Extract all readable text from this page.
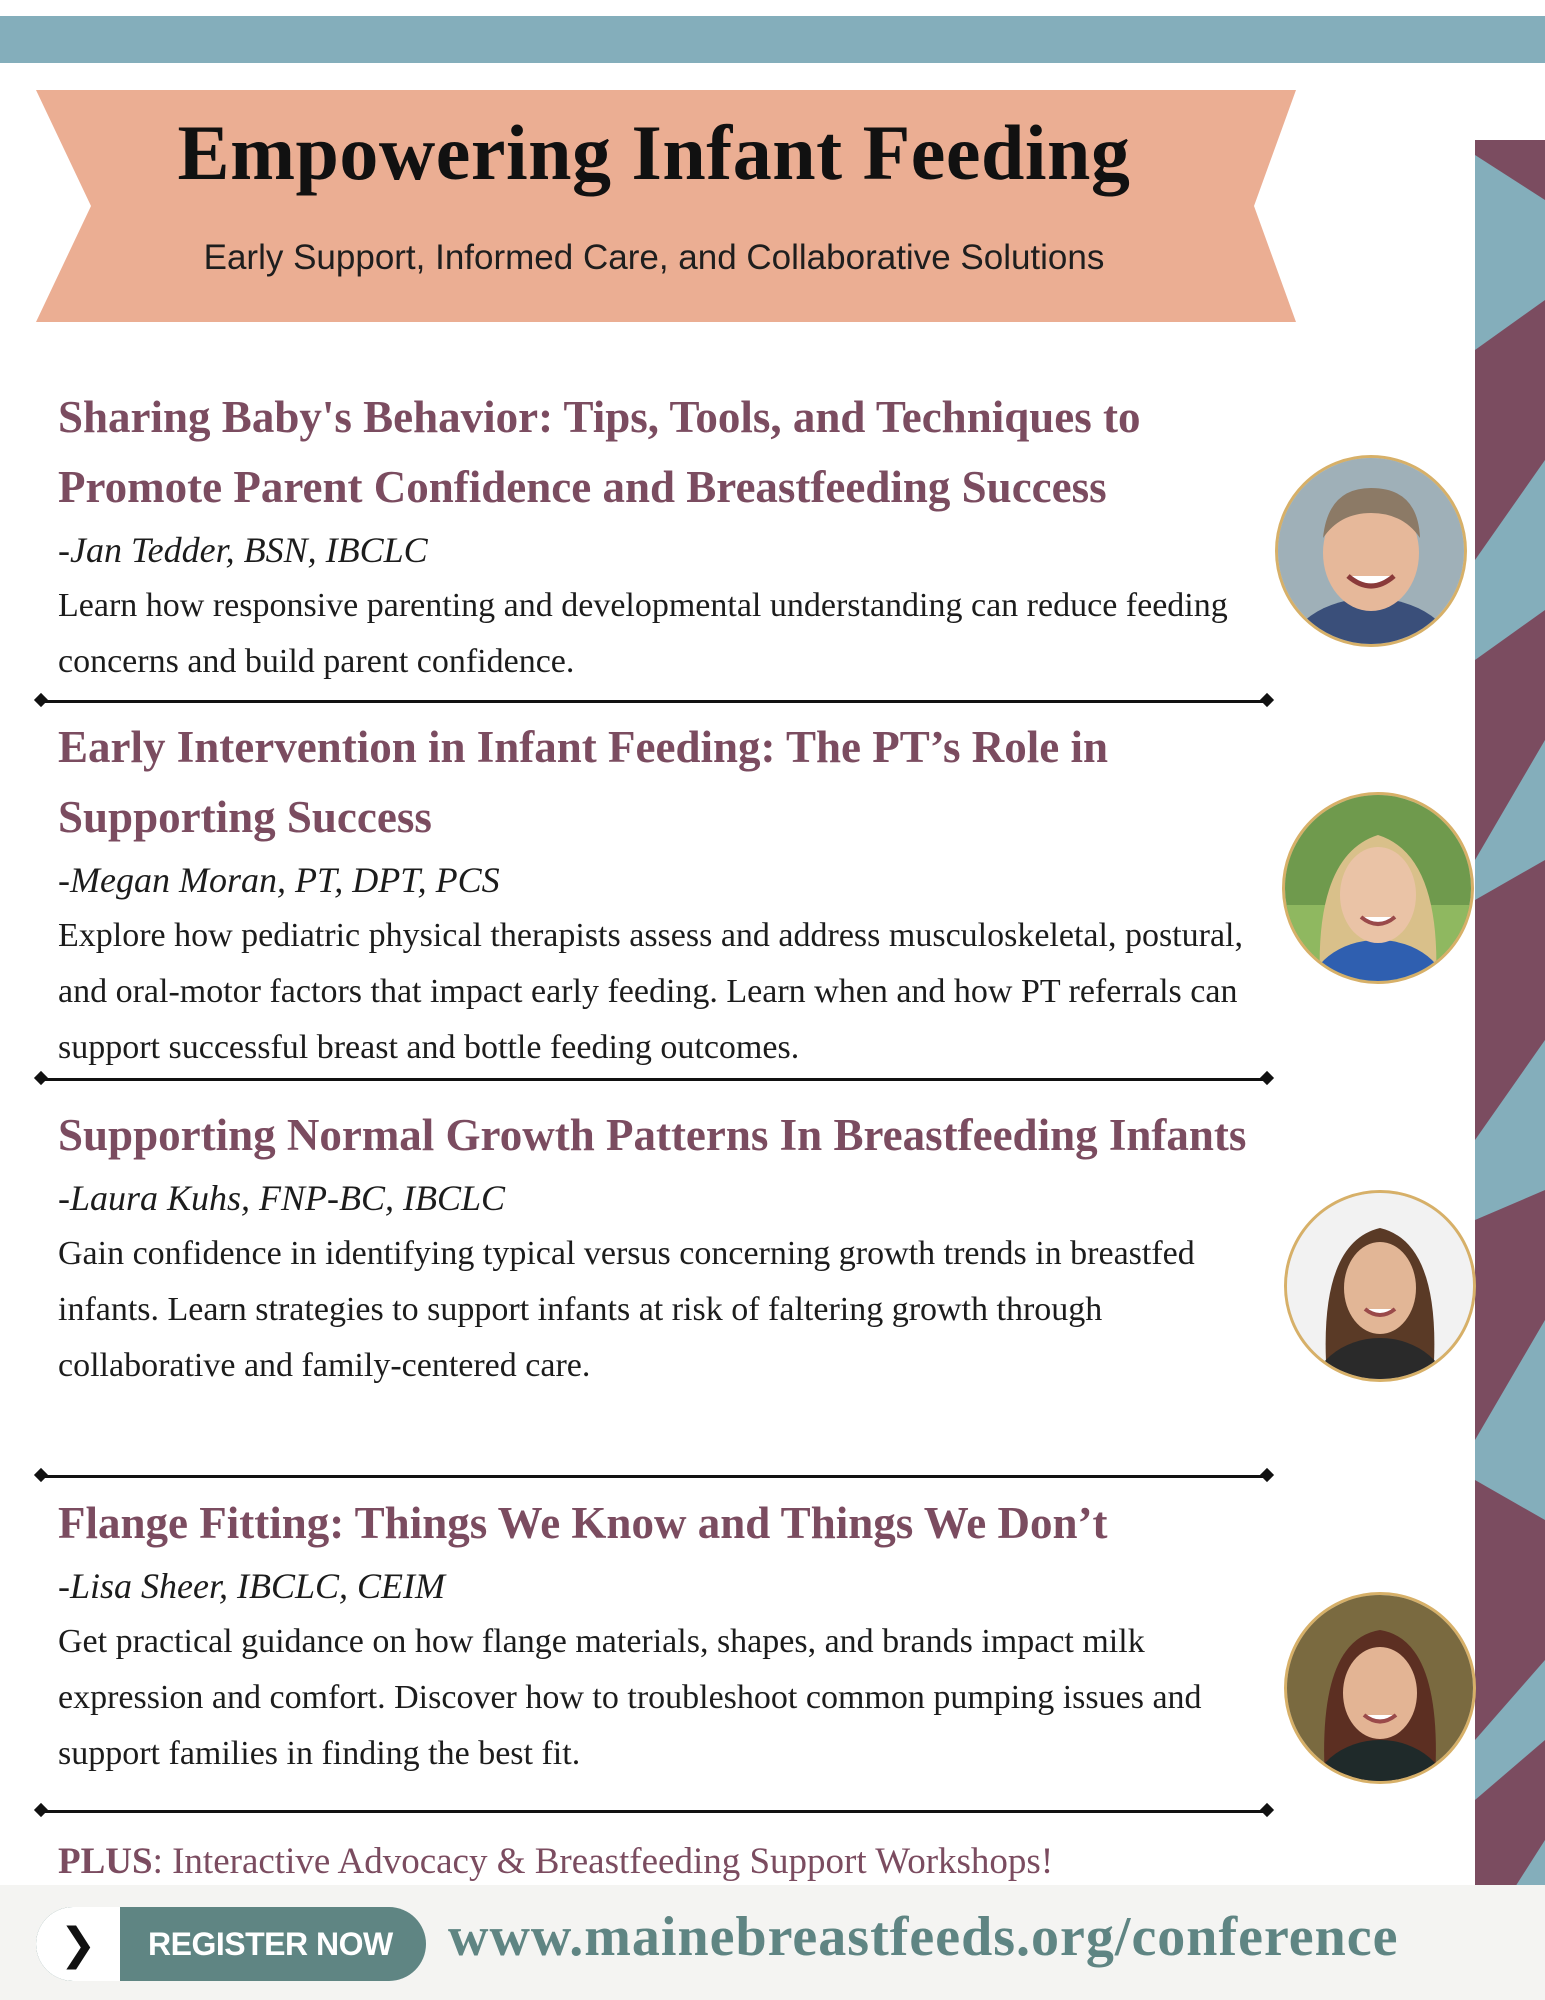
Empowering Infant Feeding
Early Support, Informed Care, and Collaborative Solutions
Sharing Baby's Behavior: Tips, Tools, and Techniques to Promote Parent Confidence and Breastfeeding Success
-Jan Tedder, BSN, IBCLC
Learn how responsive parenting and developmental understanding can reduce feeding concerns and build parent confidence.
Early Intervention in Infant Feeding: The PT’s Role in Supporting Success
-Megan Moran, PT, DPT, PCS
Explore how pediatric physical therapists assess and address musculoskeletal, postural, and oral-motor factors that impact early feeding. Learn when and how PT referrals can support successful breast and bottle feeding outcomes.
Supporting Normal Growth Patterns In Breastfeeding Infants
-Laura Kuhs, FNP-BC, IBCLC
Gain confidence in identifying typical versus concerning growth trends in breastfed infants. Learn strategies to support infants at risk of faltering growth through collaborative and family-centered care.
Flange Fitting: Things We Know and Things We Don’t
-Lisa Sheer, IBCLC, CEIM
Get practical guidance on how flange materials, shapes, and brands impact milk expression and comfort. Discover how to troubleshoot common pumping issues and support families in finding the best fit.
PLUS: Interactive Advocacy & Breastfeeding Support Workshops!
❯	REGISTER NOW www.mainebreastfeeds.org/conference
